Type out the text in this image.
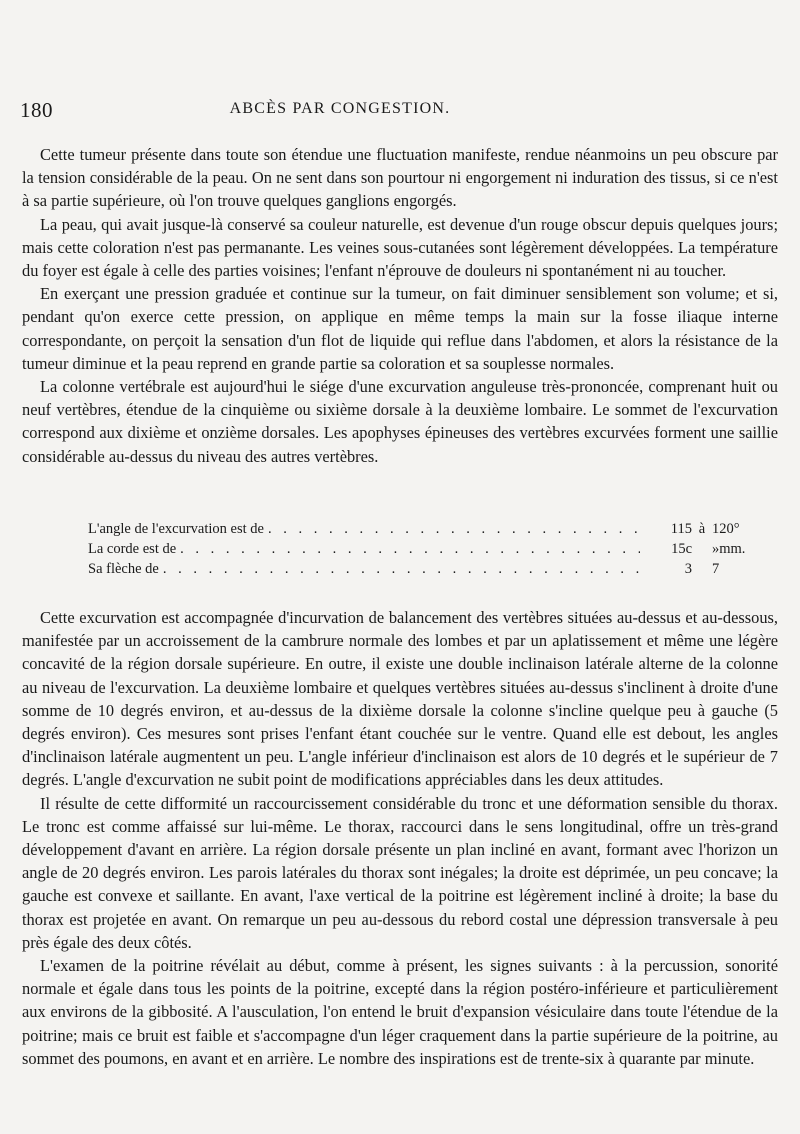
180	ABCÈS PAR CONGESTION.

Cette tumeur présente dans toute son étendue une fluctuation manifeste, rendue néanmoins un peu obscure par la tension considérable de la peau. On ne sent dans son pourtour ni engorgement ni induration des tissus, si ce n'est à sa partie supérieure, où l'on trouve quelques ganglions engorgés.

La peau, qui avait jusque-là conservé sa couleur naturelle, est devenue d'un rouge obscur depuis quelques jours; mais cette coloration n'est pas permanante. Les veines sous-cutanées sont légèrement développées. La température du foyer est égale à celle des parties voisines; l'enfant n'éprouve de douleurs ni spontanément ni au toucher.

En exerçant une pression graduée et continue sur la tumeur, on fait diminuer sensiblement son volume; et si, pendant qu'on exerce cette pression, on applique en même temps la main sur la fosse iliaque interne correspondante, on perçoit la sensation d'un flot de liquide qui reflue dans l'abdomen, et alors la résistance de la tumeur diminue et la peau reprend en grande partie sa coloration et sa souplesse normales.

La colonne vertébrale est aujourd'hui le siége d'une excurvation anguleuse très-prononcée, comprenant huit ou neuf vertèbres, étendue de la cinquième ou sixième dorsale à la deuxième lombaire. Le sommet de l'excurvation correspond aux dixième et onzième dorsales. Les apophyses épineuses des vertèbres excurvées forment une saillie considérable au-dessus du niveau des autres vertèbres.

L'angle de l'excurvation est de . . .	115 à 120°
La corde est de . . .	15c »mm.
Sa flèche de . . .	3 7

Cette excurvation est accompagnée d'incurvation de balancement des vertèbres situées au-dessus et au-dessous, manifestée par un accroissement de la cambrure normale des lombes et par un aplatissement et même une légère concavité de la région dorsale supérieure. En outre, il existe une double inclinaison latérale alterne de la colonne au niveau de l'excurvation. La deuxième lombaire et quelques vertèbres situées au-dessus s'inclinent à droite d'une somme de 10 degrés environ, et au-dessus de la dixième dorsale la colonne s'incline quelque peu à gauche (5 degrés environ). Ces mesures sont prises l'enfant étant couchée sur le ventre. Quand elle est debout, les angles d'inclinaison latérale augmentent un peu. L'angle inférieur d'inclinaison est alors de 10 degrés et le supérieur de 7 degrés. L'angle d'excurvation ne subit point de modifications appréciables dans les deux attitudes.

Il résulte de cette difformité un raccourcissement considérable du tronc et une déformation sensible du thorax. Le tronc est comme affaissé sur lui-même. Le thorax, raccourci dans le sens longitudinal, offre un très-grand développement d'avant en arrière. La région dorsale présente un plan incliné en avant, formant avec l'horizon un angle de 20 degrés environ. Les parois latérales du thorax sont inégales; la droite est déprimée, un peu concave; la gauche est convexe et saillante. En avant, l'axe vertical de la poitrine est légèrement incliné à droite; la base du thorax est projetée en avant. On remarque un peu au-dessous du rebord costal une dépression transversale à peu près égale des deux côtés.

L'examen de la poitrine révélait au début, comme à présent, les signes suivants : à la percussion, sonorité normale et égale dans tous les points de la poitrine, excepté dans la région postéro-inférieure et particulièrement aux environs de la gibbosité. A l'ausculation, l'on entend le bruit d'expansion vésiculaire dans toute l'étendue de la poitrine; mais ce bruit est faible et s'accompagne d'un léger craquement dans la partie supérieure de la poitrine, au sommet des poumons, en avant et en arrière. Le nombre des inspirations est de trente-six à quarante par minute.
